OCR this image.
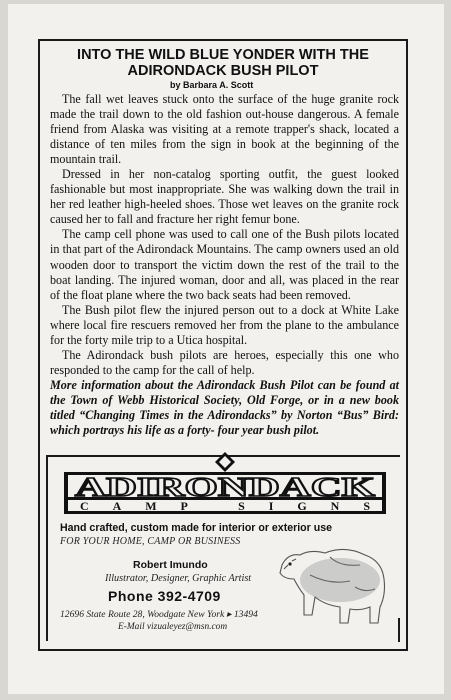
INTO THE WILD BLUE YONDER WITH THE ADIRONDACK BUSH PILOT
by Barbara A. Scott

The fall wet leaves stuck onto the surface of the huge granite rock made the trail down to the old fashion out-house dangerous. A female friend from Alaska was visiting at a remote trapper's shack, located a distance of ten miles from the sign in book at the beginning of the mountain trail.

Dressed in her non-catalog sporting outfit, the guest looked fashionable but most inappropriate. She was walking down the trail in her red leather high-heeled shoes. Those wet leaves on the granite rock caused her to fall and fracture her right femur bone.

The camp cell phone was used to call one of the Bush pilots located in that part of the Adirondack Mountains. The camp owners used an old wooden door to transport the victim down the rest of the trail to the boat landing. The injured woman, door and all, was placed in the rear of the float plane where the two back seats had been removed.

The Bush pilot flew the injured person out to a dock at White Lake where local fire rescuers removed her from the plane to the ambulance for the forty mile trip to a Utica hospital.

The Adirondack bush pilots are heroes, especially this one who responded to the camp for the call of help.

More information about the Adirondack Bush Pilot can be found at the Town of Webb Historical Society, Old Forge, or in a new book titled “Changing Times in the Adirondacks” by Norton “Bus” Bird: which portrays his life as a forty- four year bush pilot.

ADIRONDACK
CAMP SIGNS
Hand crafted, custom made for interior or exterior use
FOR YOUR HOME, CAMP OR BUSINESS
Robert Imundo
Illustrator, Designer, Graphic Artist
Phone 392-4709
12696 State Route 28, Woodgate New York ▸ 13494
E-Mail vizualeyez@msn.com
